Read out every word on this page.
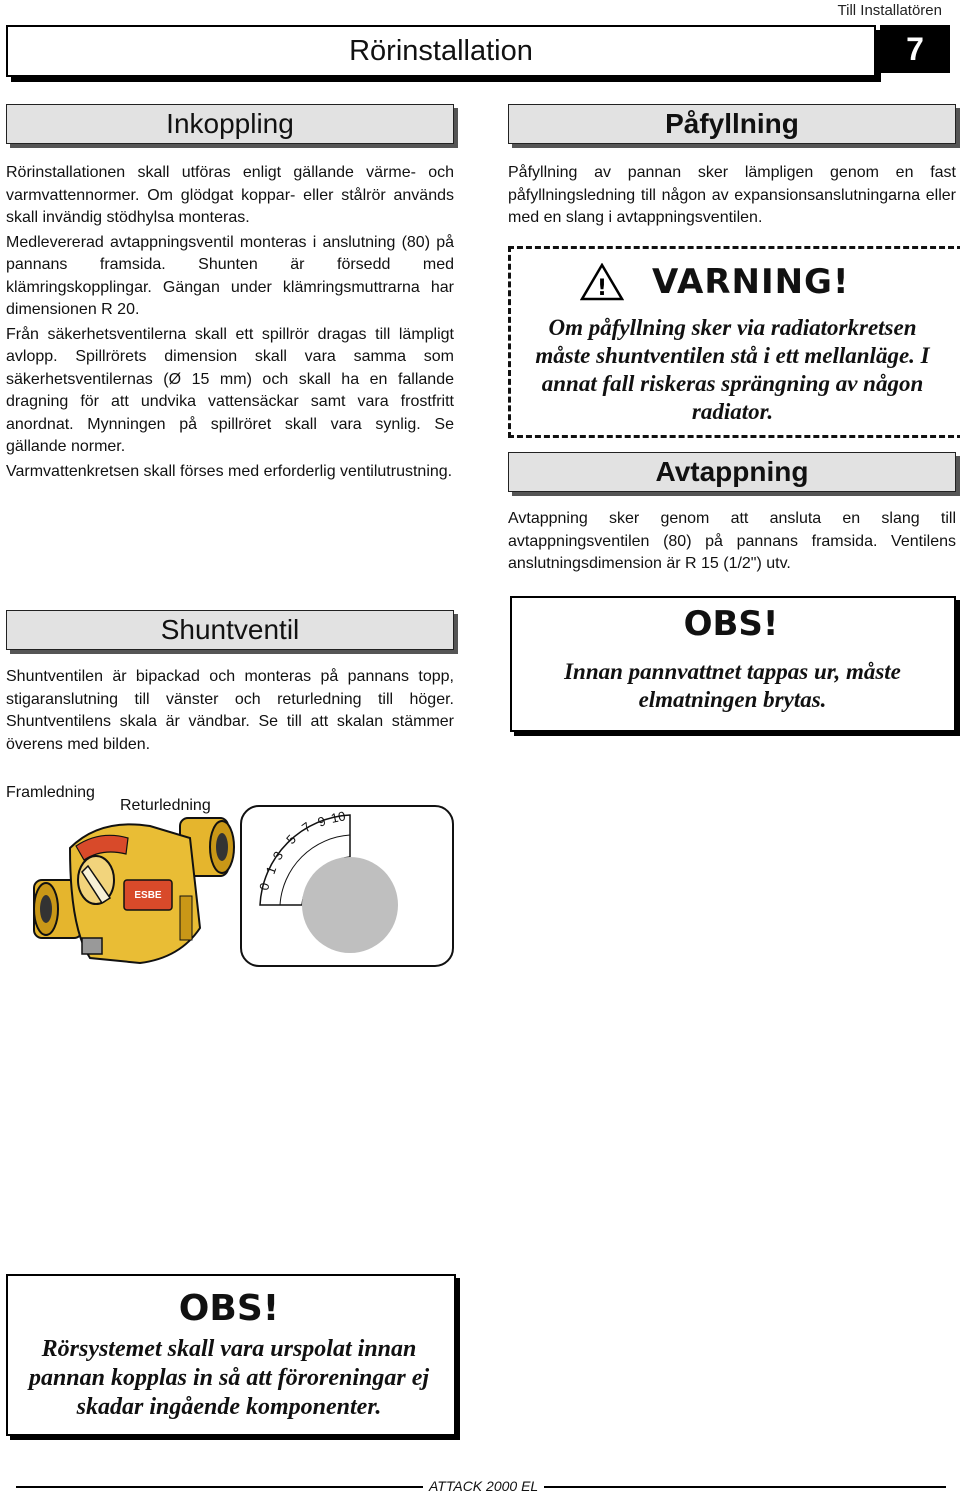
Till Installatören
Rörinstallation	7
Inkoppling

Rörinstallationen skall utföras enligt gällande värme- och varmvattennormer. Om glödgat koppar- eller stålrör används skall invändig stödhylsa monteras.

Medlevererad avtappningsventil monteras i anslutning (80) på pannans framsida. Shunten är försedd med klämringskopplingar. Gängan under klämringsmuttrarna har dimensionen R 20.

Från säkerhetsventilerna skall ett spillrör dragas till lämpligt avlopp. Spillrörets dimension skall vara samma som säkerhetsventilernas (Ø 15 mm) och skall ha en fallande dragning för att undvika vattensäckar samt vara frostfritt anordnat. Mynningen på spillröret skall vara synlig. Se gällande normer.

Varmvattenkretsen skall förses med erforderlig ventilutrustning.

Påfyllning
Påfyllning av pannan sker lämpligen genom en fast påfyllningsledning till någon av expansionsanslutningarna eller med en slang i avtappningsventilen.
! VARNING!
Om påfyllning sker via radiatorkretsen måste shuntventilen stå i ett mellanläge. I annat fall riskeras sprängning av någon radiator.
Avtappning
Avtappning sker genom att ansluta en slang till avtappningsventilen (80) på pannans framsida. Ventilens anslutningsdimension är R 15 (1/2") utv.
Shuntventil
Shuntventilen är bipackad och monteras på pannans topp, stigaranslutning till vänster och returledning till höger. Shuntventilens skala är vändbar. Se till att skalan stämmer överens med bilden.
OBS!
Innan pannvattnet tappas ur, måste elmatningen brytas.
Framledning
Returledning
ESBE
0
1
3
5
7 9 10
OBS!
Rörsystemet skall vara urspolat innan pannan kopplas in så att föroreningar ej skadar ingående komponenter.
ATTACK 2000 EL
